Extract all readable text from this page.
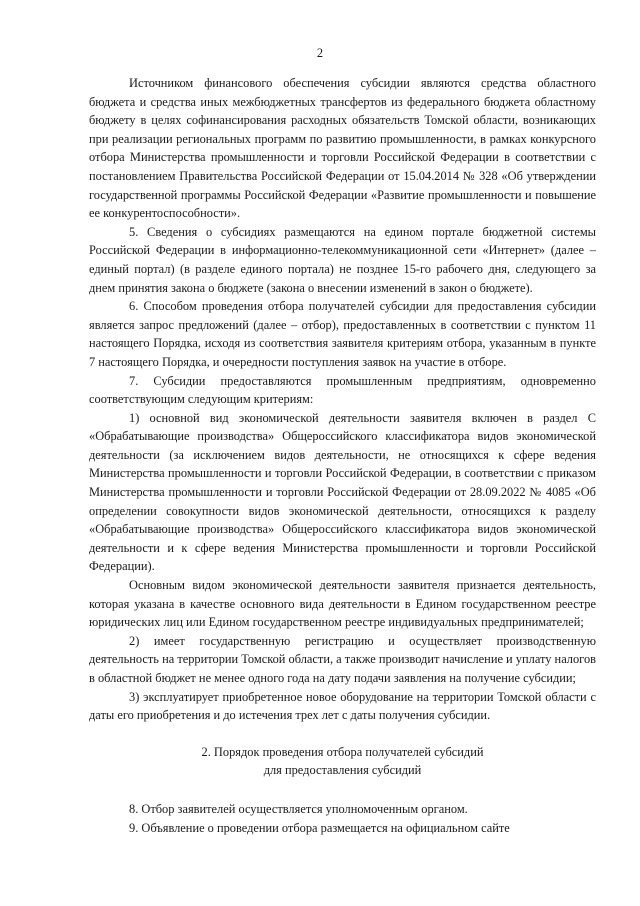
2

Источником финансового обеспечения субсидии являются средства областного бюджета и средства иных межбюджетных трансфертов из федерального бюджета областному бюджету в целях софинансирования расходных обязательств Томской области, возникающих при реализации региональных программ по развитию промышленности, в рамках конкурсного отбора Министерства промышленности и торговли Российской Федерации в соответствии с постановлением Правительства Российской Федерации от 15.04.2014 № 328 «Об утверждении государственной программы Российской Федерации «Развитие промышленности и повышение ее конкурентоспособности».

5. Сведения о субсидиях размещаются на едином портале бюджетной системы Российской Федерации в информационно-телекоммуникационной сети «Интернет» (далее – единый портал) (в разделе единого портала) не позднее 15-го рабочего дня, следующего за днем принятия закона о бюджете (закона о внесении изменений в закон о бюджете).

6. Способом проведения отбора получателей субсидии для предоставления субсидии является запрос предложений (далее – отбор), предоставленных в соответствии с пунктом 11 настоящего Порядка, исходя из соответствия заявителя критериям отбора, указанным в пункте 7 настоящего Порядка, и очередности поступления заявок на участие в отборе.

7. Субсидии предоставляются промышленным предприятиям, одновременно соответствующим следующим критериям:

1) основной вид экономической деятельности заявителя включен в раздел С «Обрабатывающие производства» Общероссийского классификатора видов экономической деятельности (за исключением видов деятельности, не относящихся к сфере ведения Министерства промышленности и торговли Российской Федерации, в соответствии с приказом Министерства промышленности и торговли Российской Федерации от 28.09.2022 № 4085 «Об определении совокупности видов экономической деятельности, относящихся к разделу «Обрабатывающие производства» Общероссийского классификатора видов экономической деятельности и к сфере ведения Министерства промышленности и торговли Российской Федерации).

Основным видом экономической деятельности заявителя признается деятельность, которая указана в качестве основного вида деятельности в Едином государственном реестре юридических лиц или Едином государственном реестре индивидуальных предпринимателей;

2) имеет государственную регистрацию и осуществляет производственную деятельность на территории Томской области, а также производит начисление и уплату налогов в областной бюджет не менее одного года на дату подачи заявления на получение субсидии;

3) эксплуатирует приобретенное новое оборудование на территории Томской области с даты его приобретения и до истечения трех лет с даты получения субсидии.

2. Порядок проведения отбора получателей субсидий
для предоставления субсидий

8. Отбор заявителей осуществляется уполномоченным органом.

9. Объявление о проведении отбора размещается на официальном сайте
